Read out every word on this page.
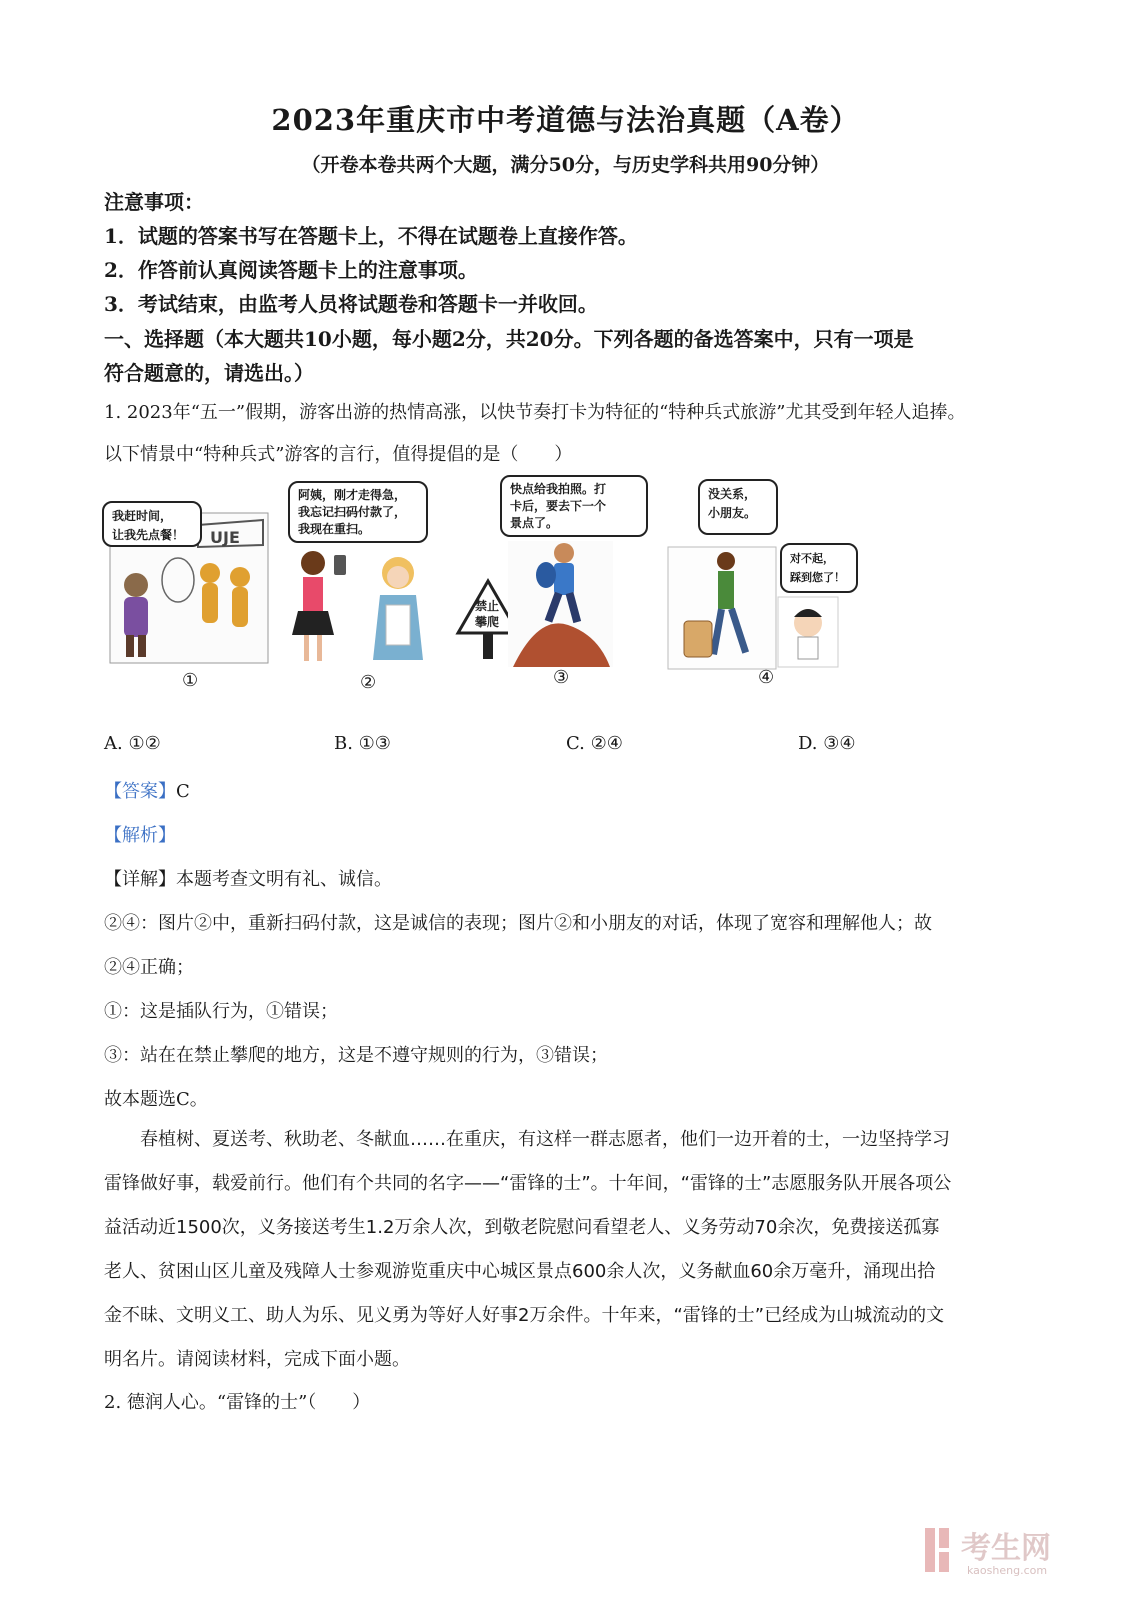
2023年重庆市中考道德与法治真题（A卷）
（开卷本卷共两个大题，满分50分，与历史学科共用90分钟）
注意事项：
1．试题的答案书写在答题卡上，不得在试题卷上直接作答。
2．作答前认真阅读答题卡上的注意事项。
3．考试结束，由监考人员将试题卷和答题卡一并收回。
一、选择题（本大题共10小题，每小题2分，共20分。下列各题的备选答案中，只有一项是
符合题意的，请选出。）
1. 2023年“五一”假期，游客出游的热情高涨，以快节奏打卡为特征的“特种兵式旅游”尤其受到年轻人追捧。
以下情景中“特种兵式”游客的言行，值得提倡的是（　　）
UJE
禁止
攀爬
我赶时间，
让我先点餐！
阿姨，刚才走得急，
我忘记扫码付款了，
我现在重扫。
快点给我拍照。打
卡后，要去下一个
景点了。
没关系，
小朋友。
对不起，
踩到您了！
①	②	③	④
A. ①②	B. ①③	C. ②④	D. ③④
【答案】C
【解析】
【详解】本题考查文明有礼、诚信。
②④：图片②中，重新扫码付款，这是诚信的表现；图片②和小朋友的对话，体现了宽容和理解他人；故
②④正确；
①：这是插队行为，①错误；
③：站在在禁止攀爬的地方，这是不遵守规则的行为，③错误；
故本题选C。

　　春植树、夏送考、秋助老、冬献血……在重庆，有这样一群志愿者，他们一边开着的士，一边坚持学习

雷锋做好事，载爱前行。他们有个共同的名字——“雷锋的士”。十年间，“雷锋的士”志愿服务队开展各项公

益活动近1500次，义务接送考生1.2万余人次，到敬老院慰问看望老人、义务劳动70余次，免费接送孤寡

老人、贫困山区儿童及残障人士参观游览重庆中心城区景点600余人次，义务献血60余万毫升，涌现出拾

金不昧、文明义工、助人为乐、见义勇为等好人好事2万余件。十年来，“雷锋的士”已经成为山城流动的文

明名片。请阅读材料，完成下面小题。

2. 德润人心。“雷锋的士”（　　）
考生网
kaosheng.com
